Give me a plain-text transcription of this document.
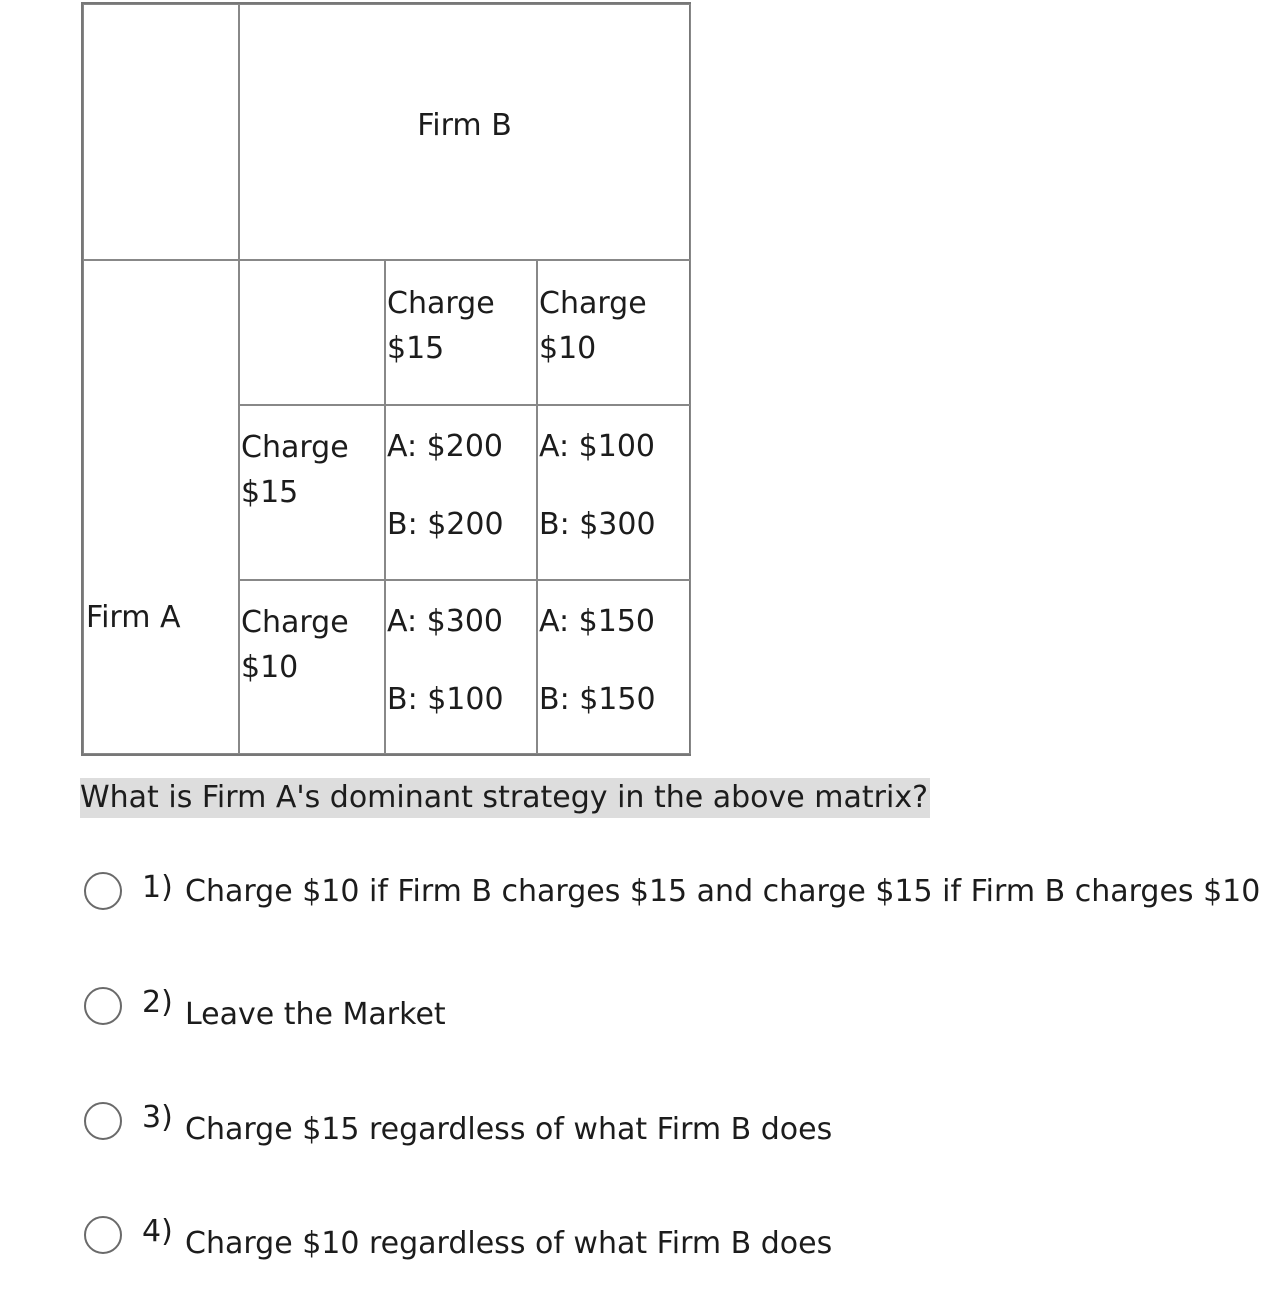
Firm B
Firm A
Charge
$15
Charge
$10
Charge
$15
A: $200
B: $200
A: $100
B: $300
Charge
$10
A: $300
B: $100
A: $150
B: $150
What is Firm A's dominant strategy in the above matrix?
1) Charge $10 if Firm B charges $15 and charge $15 if Firm B charges $10
2) Leave the Market
3) Charge $15 regardless of what Firm B does
4) Charge $10 regardless of what Firm B does
